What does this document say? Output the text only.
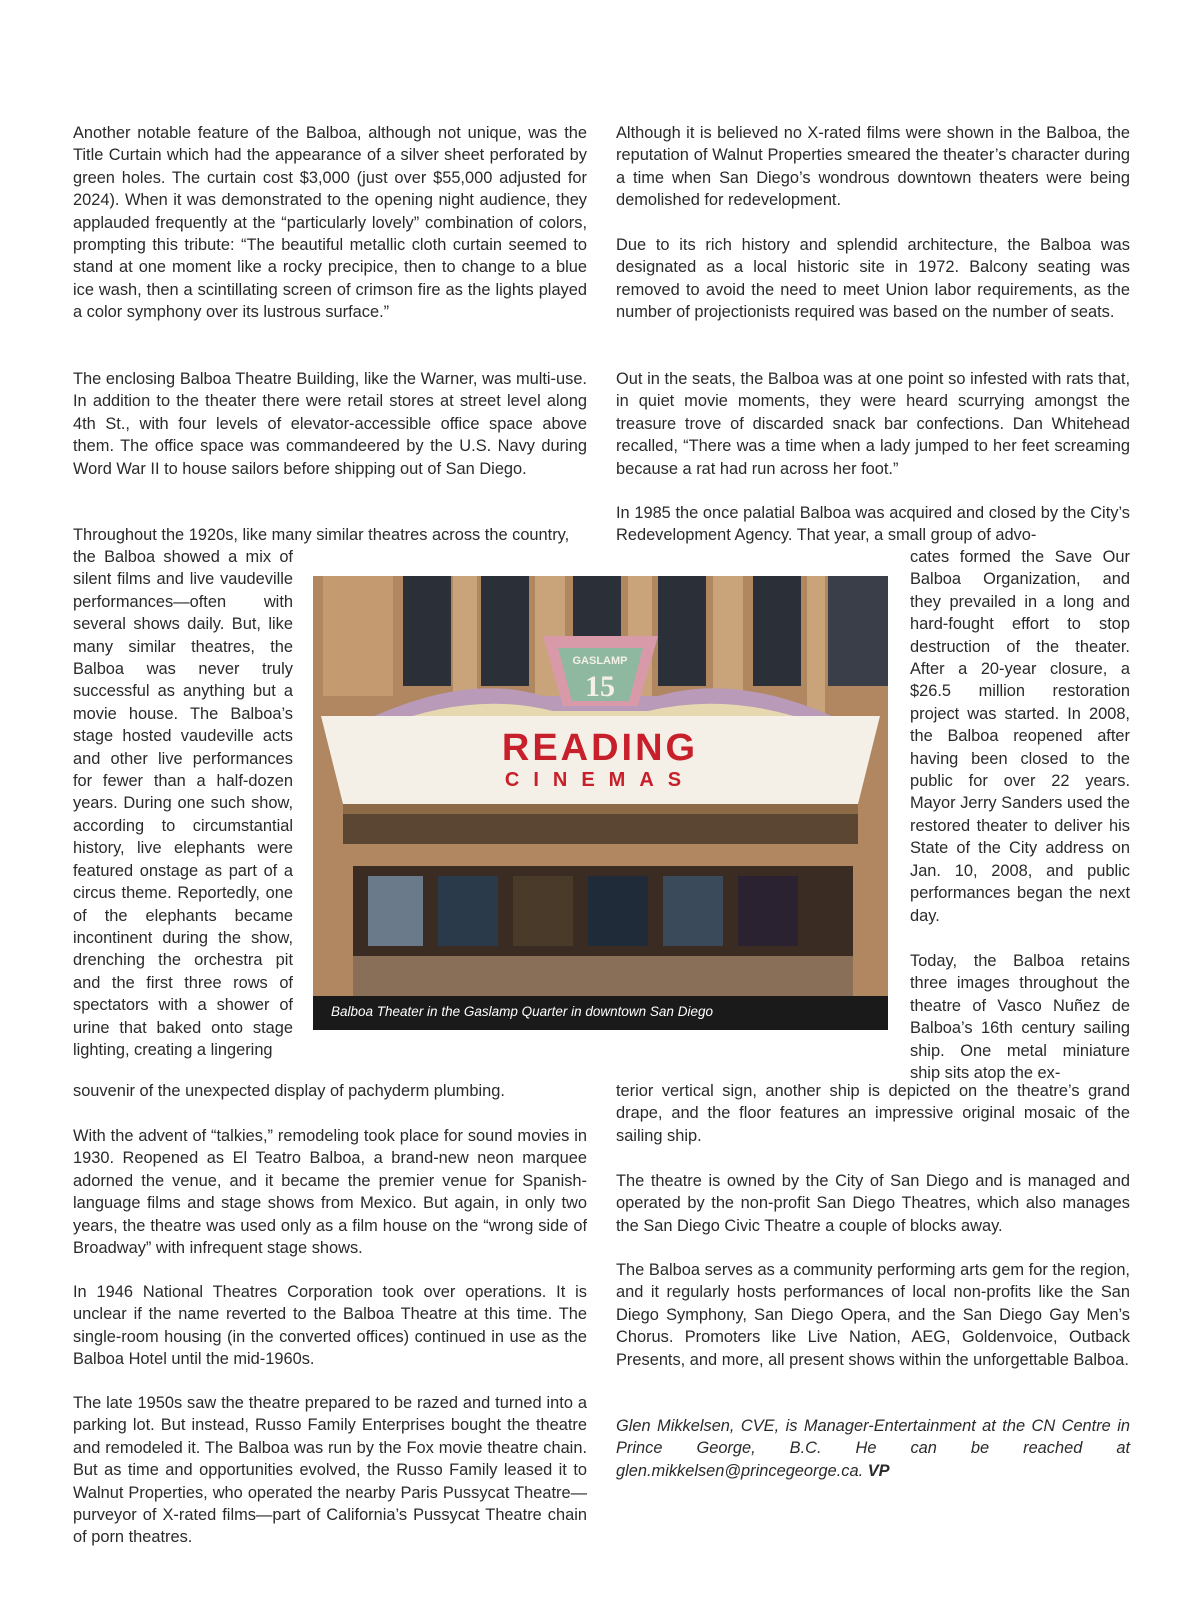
Another notable feature of the Balboa, although not unique, was the Title Curtain which had the appearance of a silver sheet perforated by green holes. The curtain cost $3,000 (just over $55,000 adjusted for 2024). When it was demonstrated to the opening night audience, they applauded frequently at the “particularly lovely” combination of colors, prompting this tribute: “The beautiful metallic cloth curtain seemed to stand at one moment like a rocky precipice, then to change to a blue ice wash, then a scintillating screen of crimson fire as the lights played a color symphony over its lustrous surface.”

The enclosing Balboa Theatre Building, like the Warner, was multi-use. In addition to the theater there were retail stores at street level along 4th St., with four levels of elevator-accessible office space above them. The office space was commandeered by the U.S. Navy during Word War II to house sailors before shipping out of San Diego.

Throughout the 1920s, like many similar theatres across the country,

the Balboa showed a mix of silent films and live vaudeville performances—often with several shows daily. But, like many similar theatres, the Balboa was never truly successful as anything but a movie house. The Balboa’s stage hosted vaudeville acts and other live performances for fewer than a half-dozen years. During one such show, according to circumstantial history, live elephants were featured onstage as part of a circus theme. Reportedly, one of the elephants became incontinent during the show, drenching the orchestra pit and the first three rows of spectators with a shower of urine that baked onto stage lighting, creating a lingering

souvenir of the unexpected display of pachyderm plumbing.

With the advent of “talkies,” remodeling took place for sound movies in 1930. Reopened as El Teatro Balboa, a brand-new neon marquee adorned the venue, and it became the premier venue for Spanish-language films and stage shows from Mexico. But again, in only two years, the theatre was used only as a film house on the “wrong side of Broadway” with infrequent stage shows.

In 1946 National Theatres Corporation took over operations. It is unclear if the name reverted to the Balboa Theatre at this time. The single-room housing (in the converted offices) continued in use as the Balboa Hotel until the mid-1960s.

The late 1950s saw the theatre prepared to be razed and turned into a parking lot. But instead, Russo Family Enterprises bought the theatre and remodeled it. The Balboa was run by the Fox movie theatre chain. But as time and opportunities evolved, the Russo Family leased it to Walnut Properties, who operated the nearby Paris Pussycat Theatre—purveyor of X-rated films—part of California’s Pussycat Theatre chain of porn theatres.

Although it is believed no X-rated films were shown in the Balboa, the reputation of Walnut Properties smeared the theater’s character during a time when San Diego’s wondrous downtown theaters were being demolished for redevelopment.

Due to its rich history and splendid architecture, the Balboa was designated as a local historic site in 1972. Balcony seating was removed to avoid the need to meet Union labor requirements, as the number of projectionists required was based on the number of seats.

Out in the seats, the Balboa was at one point so infested with rats that, in quiet movie moments, they were heard scurrying amongst the treasure trove of discarded snack bar confections. Dan Whitehead recalled, “There was a time when a lady jumped to her feet screaming because a rat had run across her foot.”

In 1985 the once palatial Balboa was acquired and closed by the City’s Redevelopment Agency. That year, a small group of advo-

cates formed the Save Our Balboa Organization, and they prevailed in a long and hard-fought effort to stop destruction of the theater. After a 20-year closure, a $26.5 million restoration project was started. In 2008, the Balboa reopened after having been closed to the public for over 22 years. Mayor Jerry Sanders used the restored theater to deliver his State of the City address on Jan. 10, 2008, and public performances began the next day.

Today, the Balboa retains three images throughout the theatre of Vasco Nuñez de Balboa’s 16th century sailing ship. One metal miniature ship sits atop the ex-

terior vertical sign, another ship is depicted on the theatre’s grand drape, and the floor features an impressive original mosaic of the sailing ship.

The theatre is owned by the City of San Diego and is managed and operated by the non-profit San Diego Theatres, which also manages the San Diego Civic Theatre a couple of blocks away.

The Balboa serves as a community performing arts gem for the region, and it regularly hosts performances of local non-profits like the San Diego Symphony, San Diego Opera, and the San Diego Gay Men’s Chorus. Promoters like Live Nation, AEG, Goldenvoice, Outback Presents, and more, all present shows within the unforgettable Balboa.

Glen Mikkelsen, CVE, is Manager-Entertainment at the CN Centre in Prince George, B.C. He can be reached at glen.mikkelsen@princegeorge.ca. VP

GASLAMP
15
READING
CINEMAS
Balboa Theater in the Gaslamp Quarter in downtown San Diego
